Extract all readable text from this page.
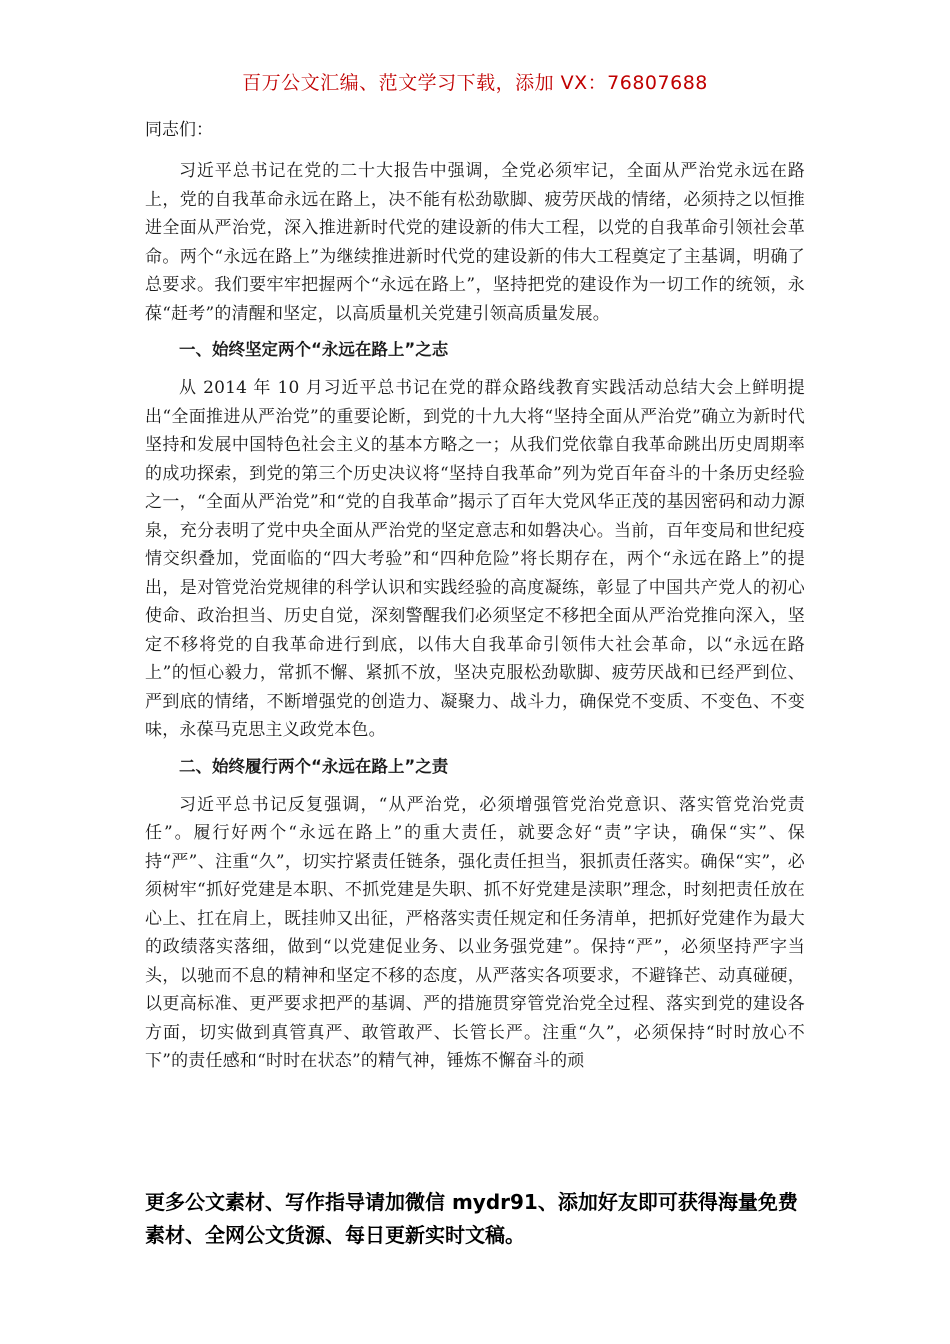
百万公文汇编、范文学习下载，添加 VX：76807688

同志们：

习近平总书记在党的二十大报告中强调，全党必须牢记，全面从严治党永远在路上，党的自我革命永远在路上，决不能有松劲歇脚、疲劳厌战的情绪，必须持之以恒推进全面从严治党，深入推进新时代党的建设新的伟大工程，以党的自我革命引领社会革命。两个“永远在路上”为继续推进新时代党的建设新的伟大工程奠定了主基调，明确了总要求。我们要牢牢把握两个“永远在路上”，坚持把党的建设作为一切工作的统领，永葆“赶考”的清醒和坚定，以高质量机关党建引领高质量发展。

一、始终坚定两个“永远在路上”之志

从 2014 年 10 月习近平总书记在党的群众路线教育实践活动总结大会上鲜明提出“全面推进从严治党”的重要论断，到党的十九大将“坚持全面从严治党”确立为新时代坚持和发展中国特色社会主义的基本方略之一；从我们党依靠自我革命跳出历史周期率的成功探索，到党的第三个历史决议将“坚持自我革命”列为党百年奋斗的十条历史经验之一，“全面从严治党”和“党的自我革命”揭示了百年大党风华正茂的基因密码和动力源泉，充分表明了党中央全面从严治党的坚定意志和如磐决心。当前，百年变局和世纪疫情交织叠加，党面临的“四大考验”和“四种危险”将长期存在，两个“永远在路上”的提出，是对管党治党规律的科学认识和实践经验的高度凝练，彰显了中国共产党人的初心使命、政治担当、历史自觉，深刻警醒我们必须坚定不移把全面从严治党推向深入，坚定不移将党的自我革命进行到底，以伟大自我革命引领伟大社会革命，以“永远在路上”的恒心毅力，常抓不懈、紧抓不放，坚决克服松劲歇脚、疲劳厌战和已经严到位、严到底的情绪，不断增强党的创造力、凝聚力、战斗力，确保党不变质、不变色、不变味，永葆马克思主义政党本色。

二、始终履行两个“永远在路上”之责

习近平总书记反复强调，“从严治党，必须增强管党治党意识、落实管党治党责任”。履行好两个“永远在路上”的重大责任，就要念好“责”字诀，确保“实”、保持“严”、注重“久”，切实拧紧责任链条，强化责任担当，狠抓责任落实。确保“实”，必须树牢“抓好党建是本职、不抓党建是失职、抓不好党建是渎职”理念，时刻把责任放在心上、扛在肩上，既挂帅又出征，严格落实责任规定和任务清单，把抓好党建作为最大的政绩落实落细，做到“以党建促业务、以业务强党建”。保持“严”，必须坚持严字当头，以驰而不息的精神和坚定不移的态度，从严落实各项要求，不避锋芒、动真碰硬，以更高标准、更严要求把严的基调、严的措施贯穿管党治党全过程、落实到党的建设各方面，切实做到真管真严、敢管敢严、长管长严。注重“久”，必须保持“时时放心不下”的责任感和“时时在状态”的精气神，锤炼不懈奋斗的顽

更多公文素材、写作指导请加微信 mydr91、添加好友即可获得海量免费素材、全网公文货源、每日更新实时文稿。
